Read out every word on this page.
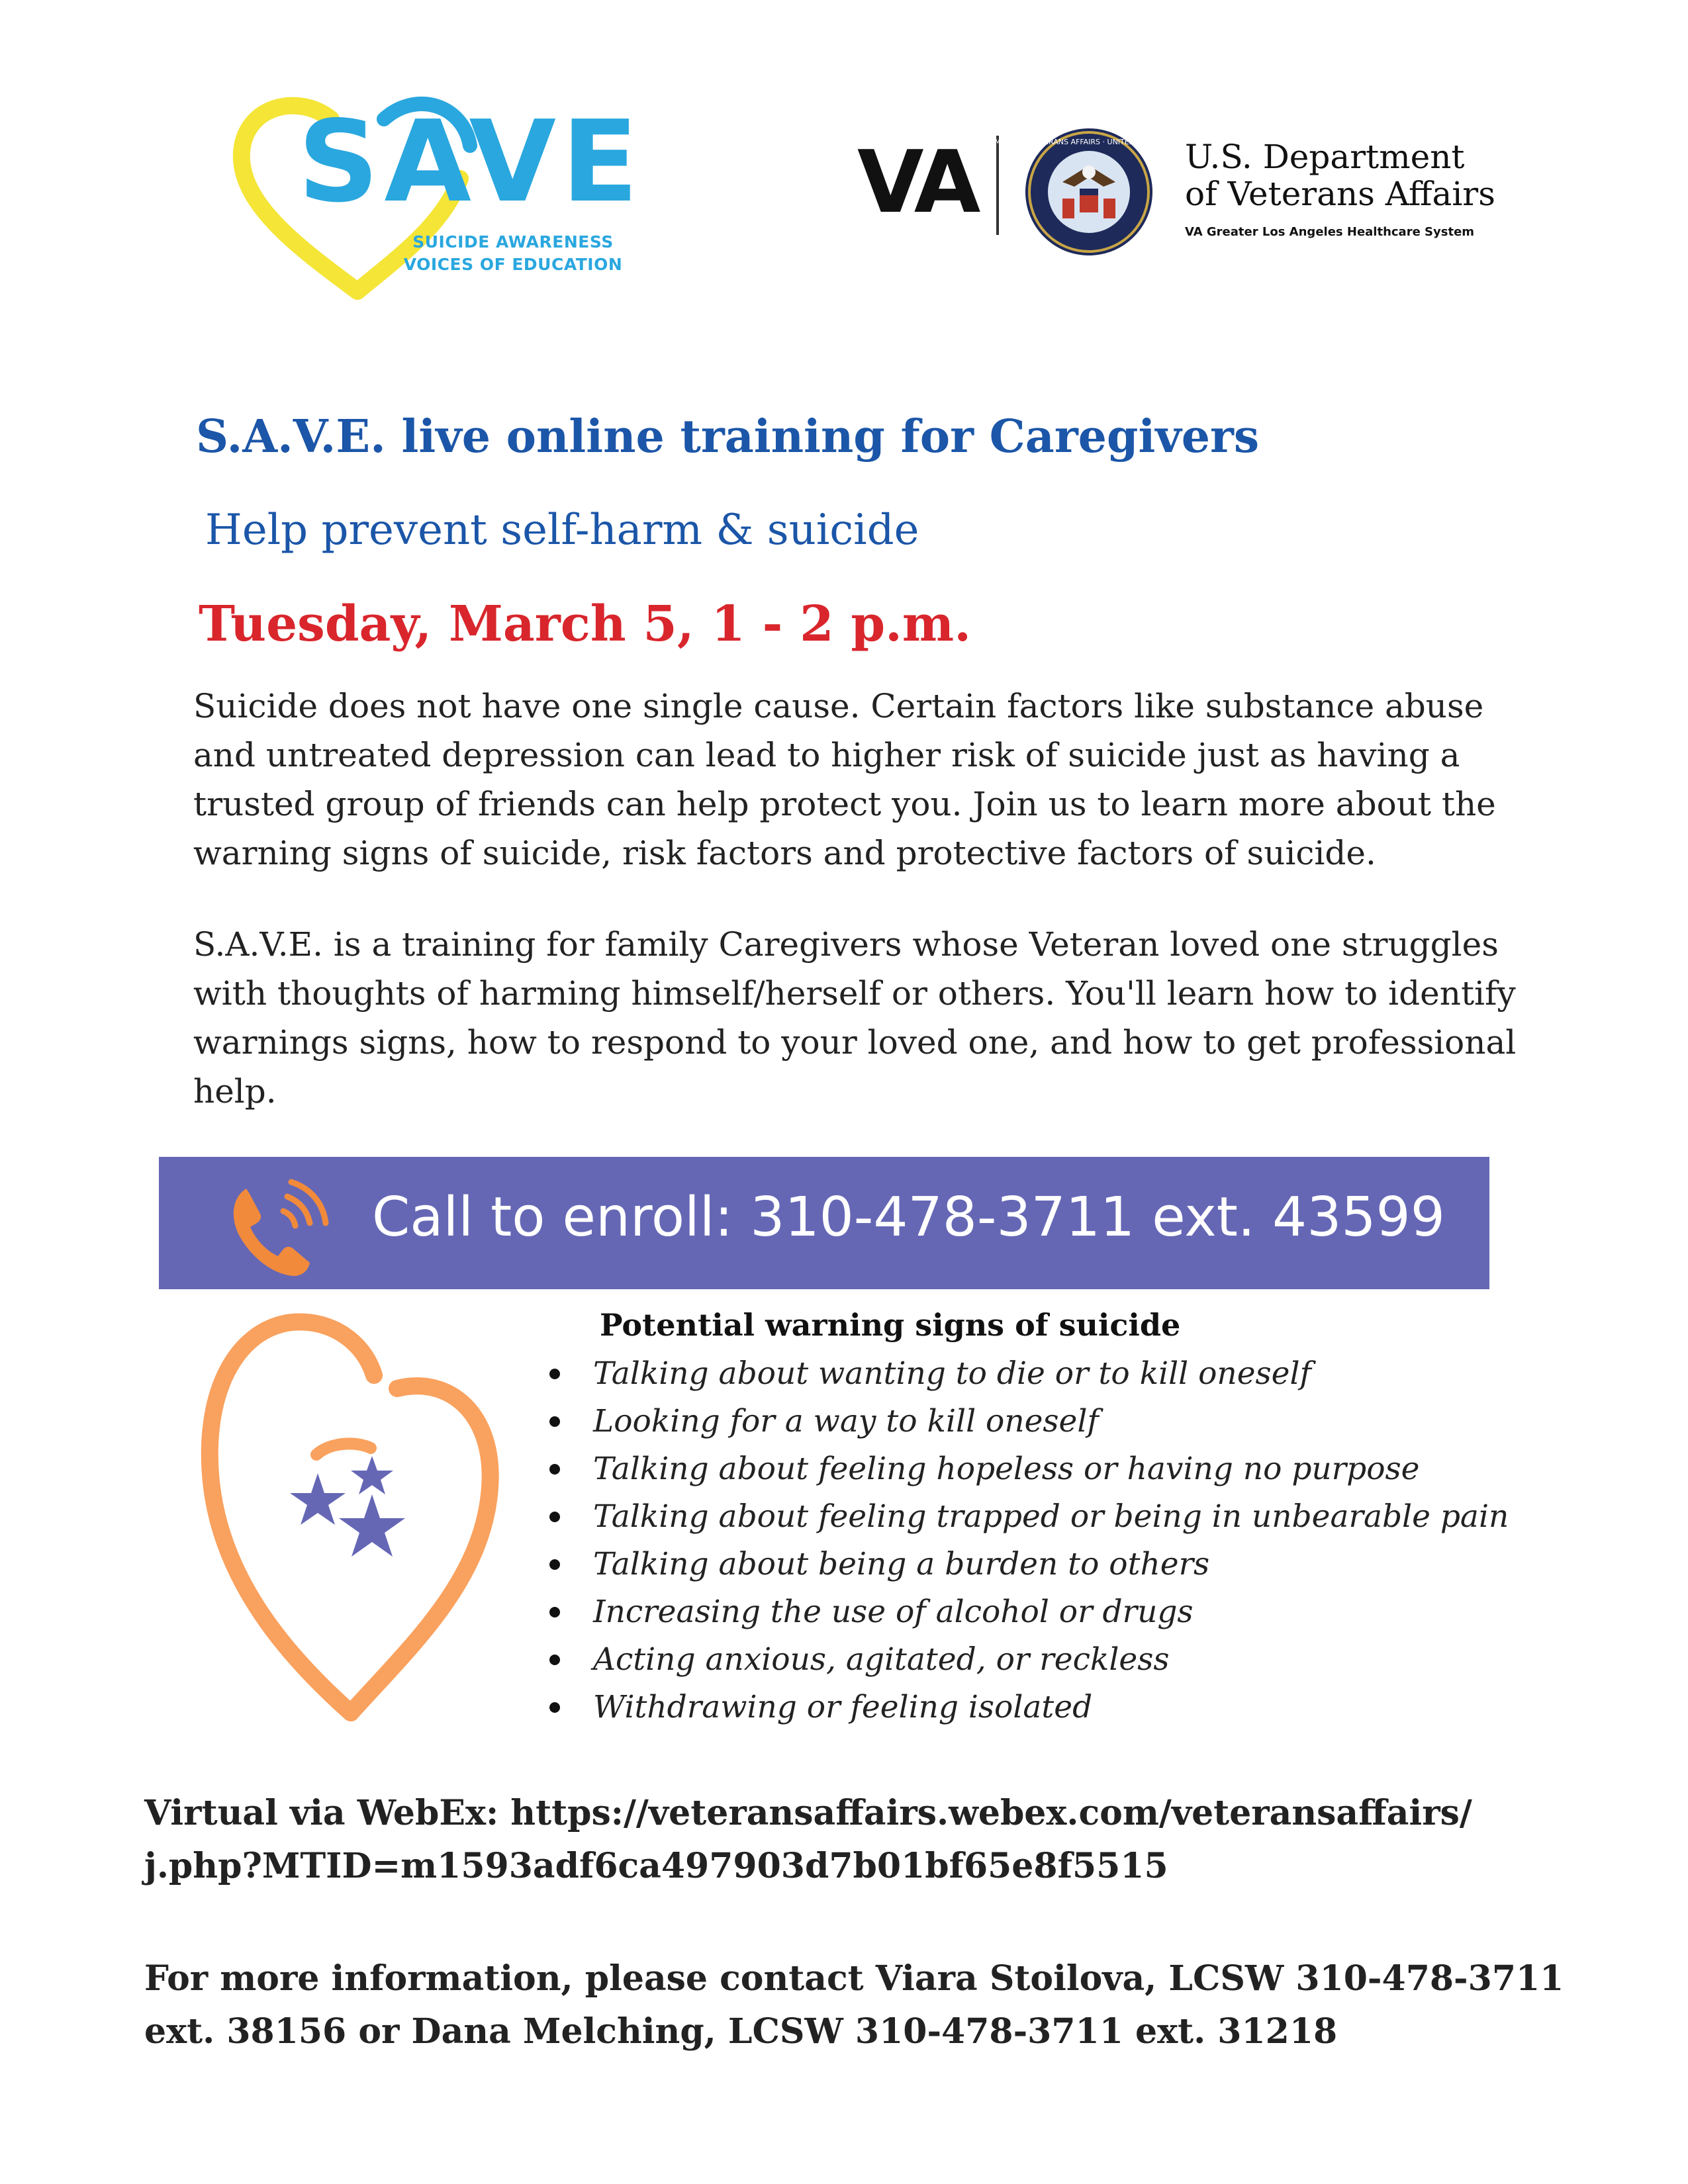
SAVE
SUICIDE AWARENESS
VOICES OF EDUCATION
VA
DEPARTMENT OF VETERANS AFFAIRS · UNITED STATES OF AMERICA
U.S. Department
of Veterans Affairs
VA Greater Los Angeles Healthcare System
S.A.V.E. live online training for Caregivers
Help prevent self-harm & suicide
Tuesday, March 5, 1 - 2 p.m.
Suicide does not have one single cause. Certain factors like substance abuse and untreated depression can lead to higher risk of suicide just as having a trusted group of friends can help protect you. Join us to learn more about the warning signs of suicide, risk factors and protective factors of suicide.
S.A.V.E. is a training for family Caregivers whose Veteran loved one struggles with thoughts of harming himself/herself or others. You'll learn how to identify warnings signs, how to respond to your loved one, and how to get professional help.
Call to enroll: 310-478-3711 ext. 43599
Potential warning signs of suicide
Talking about wanting to die or to kill oneself
Looking for a way to kill oneself
Talking about feeling hopeless or having no purpose
Talking about feeling trapped or being in unbearable pain
Talking about being a burden to others
Increasing the use of alcohol or drugs
Acting anxious, agitated, or reckless
Withdrawing or feeling isolated
Virtual via WebEx: https://veteransaffairs.webex.com/veteransaffairs/ j.php?MTID=m1593adf6ca497903d7b01bf65e8f5515
For more information, please contact Viara Stoilova, LCSW 310-478-3711 ext. 38156 or Dana Melching, LCSW 310-478-3711 ext. 31218
